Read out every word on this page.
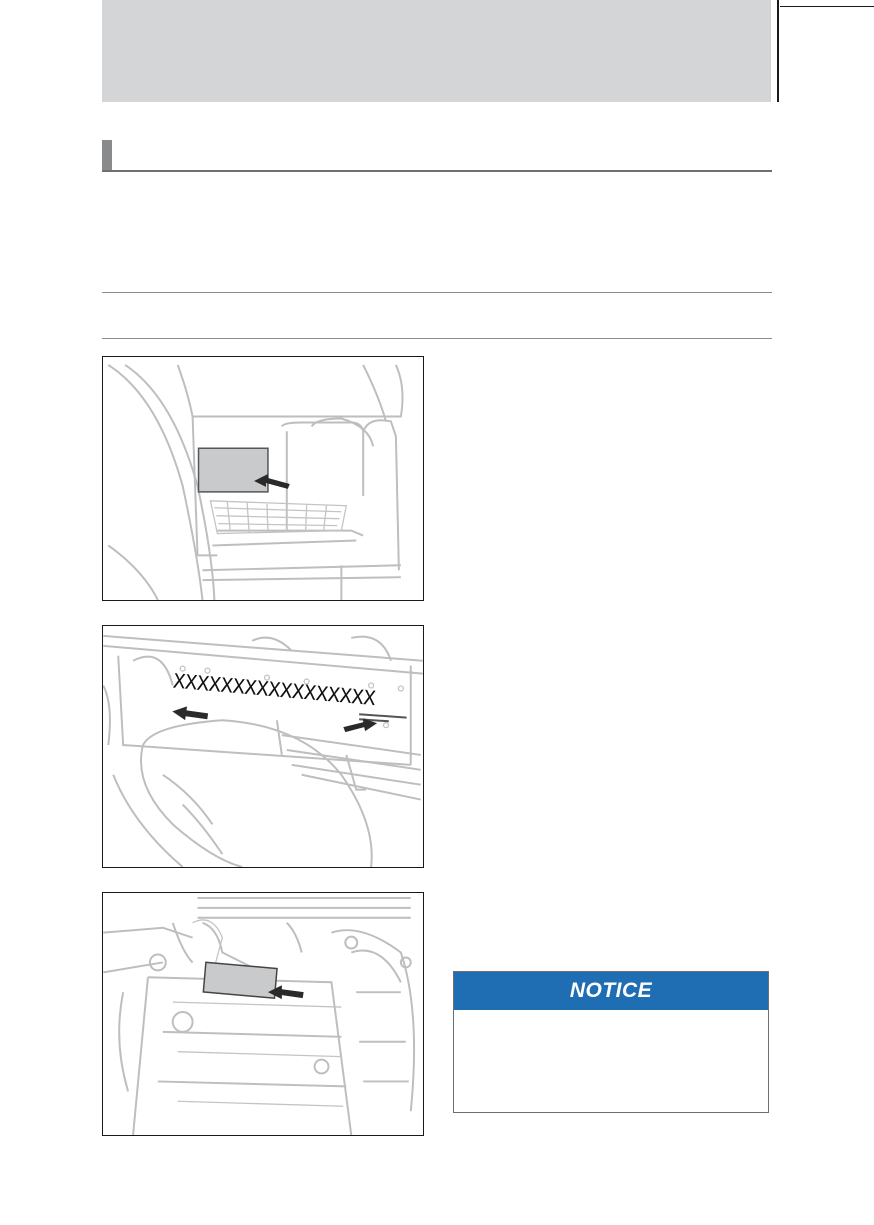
XXXXXXXXXXXXXXXXX
NOTICE
